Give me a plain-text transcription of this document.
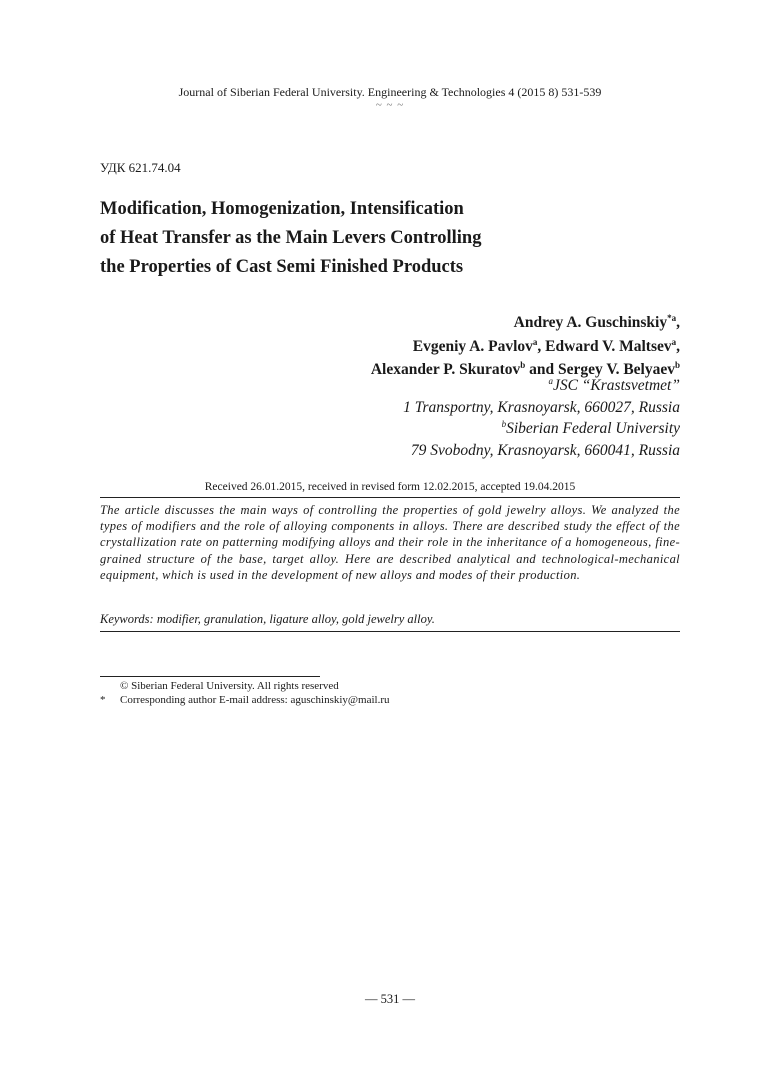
Journal of Siberian Federal University. Engineering & Technologies 4 (2015 8) 531-539
~ ~ ~
УДК 621.74.04
Modification, Homogenization, Intensification
of Heat Transfer as the Main Levers Controlling
the Properties of Cast Semi Finished Products
Andrey A. Guschinskiy$^{*a}$,
Evgeniy A. Pavlov$^a$, Edward V. Maltsev$^a$,
Alexander P. Skuratov$^b$ and Sergey V. Belyaev$^b$
$^a$JSC “Krastsvetmet”
1 Transportny, Krasnoyarsk, 660027, Russia
$^b$Siberian Federal University
79 Svobodny, Krasnoyarsk, 660041, Russia
Received 26.01.2015, received in revised form 12.02.2015, accepted 19.04.2015
The article discusses the main ways of controlling the properties of gold jewelry alloys. We analyzed the types of modifiers and the role of alloying components in alloys. There are described study the effect of the crystallization rate on patterning modifying alloys and their role in the inheritance of a homogeneous, fine-grained structure of the base, target alloy. Here are described analytical and technological-mechanical equipment, which is used in the development of new alloys and modes of their production.
Keywords: modifier, granulation, ligature alloy, gold jewelry alloy.
© Siberian Federal University. All rights reserved
* Corresponding author E-mail address: aguschinskiy@mail.ru
— 531 —
